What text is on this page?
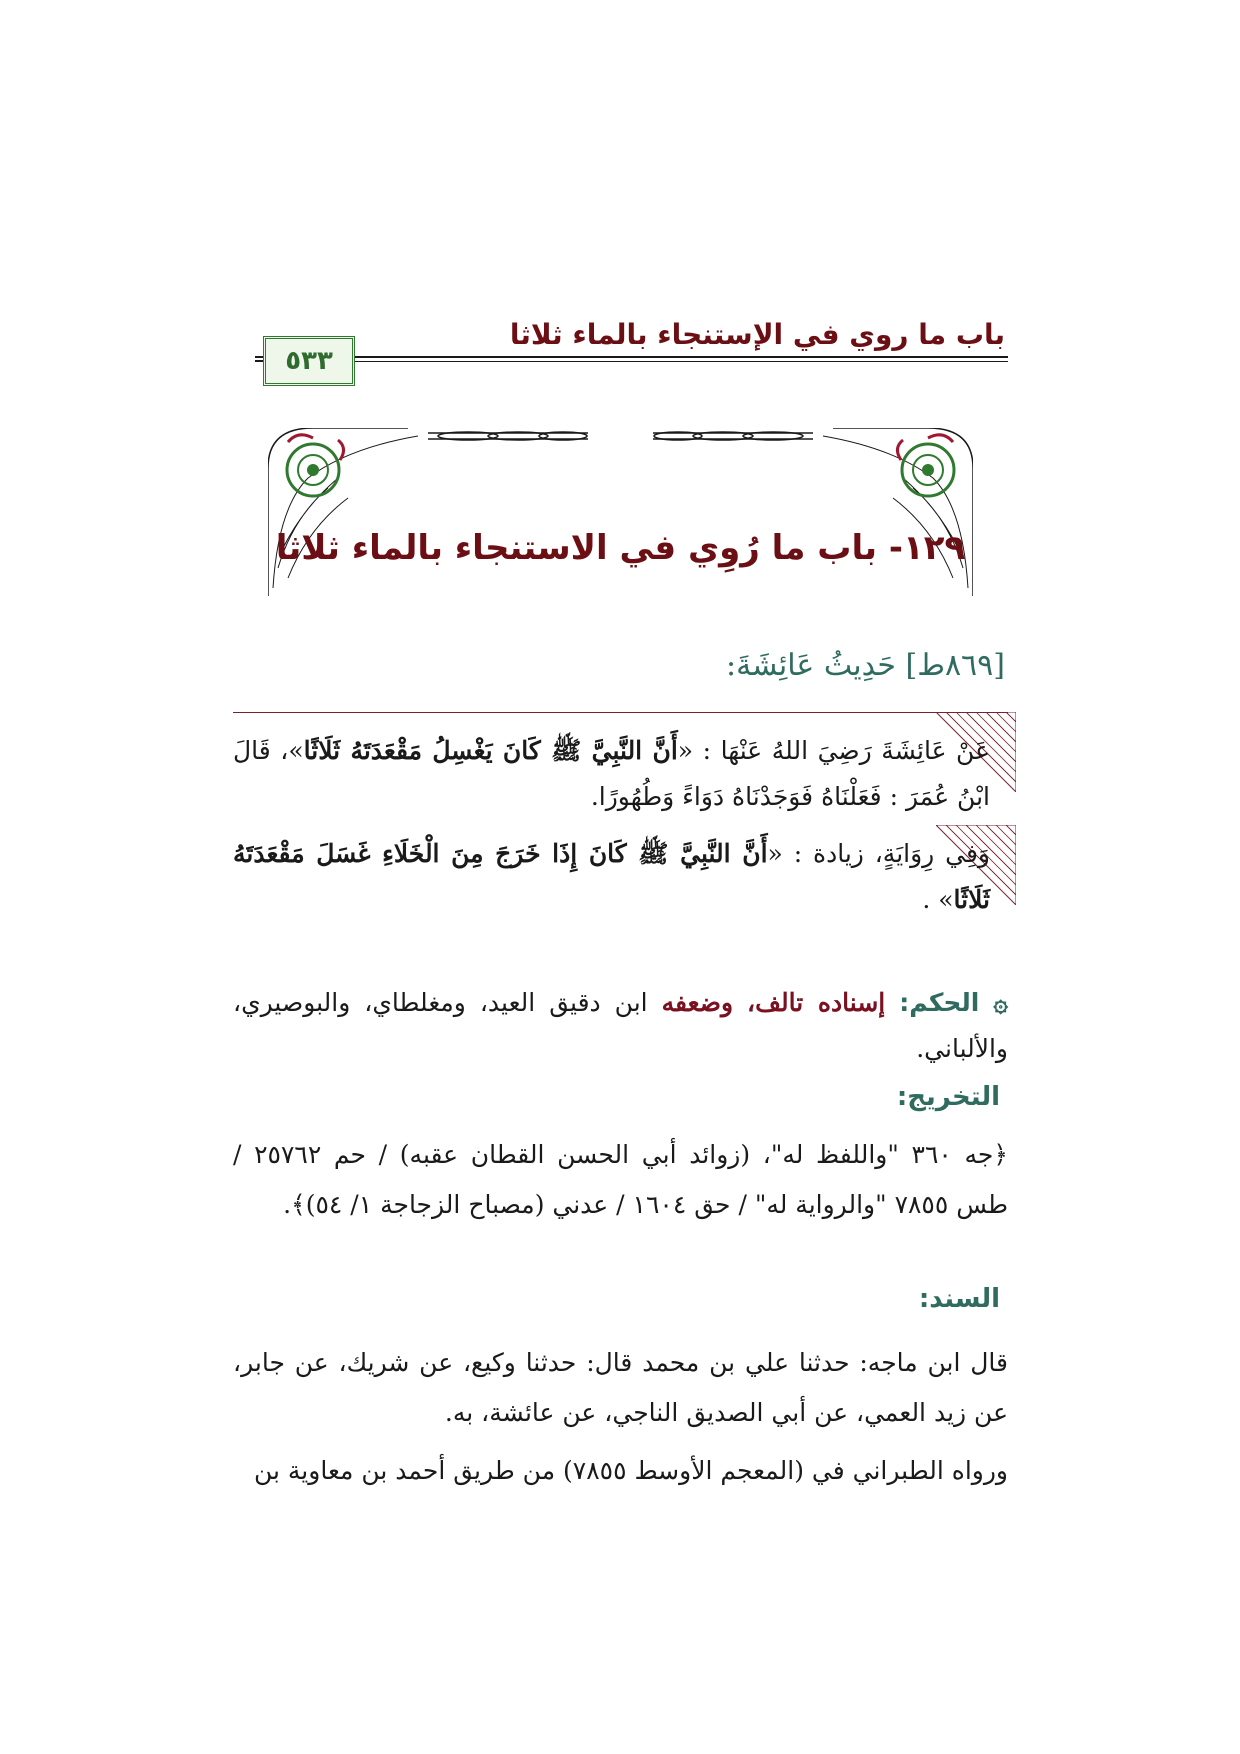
باب ما روي في الإستنجاء بالماء ثلاثا
٥٣٣
١٢٩- باب ما رُوِي في الاستنجاء بالماء ثلاثا
[٨٦٩ط] حَدِيثُ عَائِشَةَ:
عَنْ عَائِشَةَ رَضِيَ اللهُ عَنْهَا : «أَنَّ النَّبِيَّ ﷺ كَانَ يَغْسِلُ مَقْعَدَتَهُ ثَلَاثًا»، قَالَ ابْنُ عُمَرَ : فَعَلْنَاهُ فَوَجَدْنَاهُ دَوَاءً وَطُهُورًا.
وَفِي رِوَايَةٍ، زيادة : «أَنَّ النَّبِيَّ ﷺ كَانَ إِذَا خَرَجَ مِنَ الْخَلَاءِ غَسَلَ مَقْعَدَتَهُ ثَلَاثًا» .
۞ الحكم: إسناده تالف، وضعفه ابن دقيق العيد، ومغلطاي، والبوصيري، والألباني.
التخريج:
﴿جه ٣٦٠ "واللفظ له"، (زوائد أبي الحسن القطان عقبه) / حم ٢٥٧٦٢ / طس ٧٨٥٥ "والرواية له" / حق ١٦٠٤ / عدني (مصباح الزجاجة ١/ ٥٤)﴾.
السند:
قال ابن ماجه: حدثنا علي بن محمد قال: حدثنا وكيع، عن شريك، عن جابر، عن زيد العمي، عن أبي الصديق الناجي، عن عائشة، به.
ورواه الطبراني في (المعجم الأوسط ٧٨٥٥) من طريق أحمد بن معاوية بن
